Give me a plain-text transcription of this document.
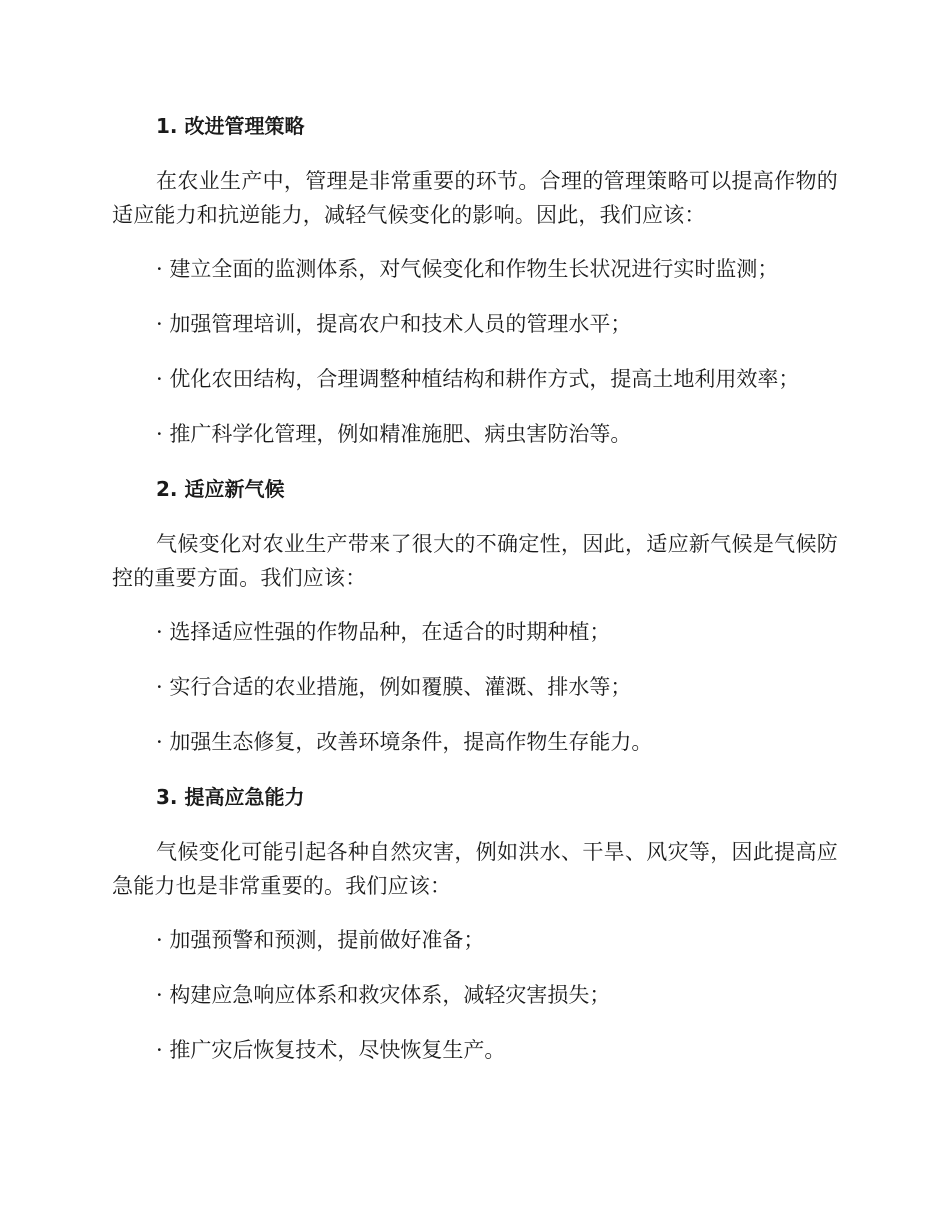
1. 改进管理策略

在农业生产中，管理是非常重要的环节。合理的管理策略可以提高作物的适应能力和抗逆能力，减轻气候变化的影响。因此，我们应该：

· 建立全面的监测体系，对气候变化和作物生长状况进行实时监测；

· 加强管理培训，提高农户和技术人员的管理水平；

· 优化农田结构，合理调整种植结构和耕作方式，提高土地利用效率；

· 推广科学化管理，例如精准施肥、病虫害防治等。

2. 适应新气候

气候变化对农业生产带来了很大的不确定性，因此，适应新气候是气候防控的重要方面。我们应该：

· 选择适应性强的作物品种，在适合的时期种植；

· 实行合适的农业措施，例如覆膜、灌溉、排水等；

· 加强生态修复，改善环境条件，提高作物生存能力。

3. 提高应急能力

气候变化可能引起各种自然灾害，例如洪水、干旱、风灾等，因此提高应急能力也是非常重要的。我们应该：

· 加强预警和预测，提前做好准备；

· 构建应急响应体系和救灾体系，减轻灾害损失；

· 推广灾后恢复技术，尽快恢复生产。
